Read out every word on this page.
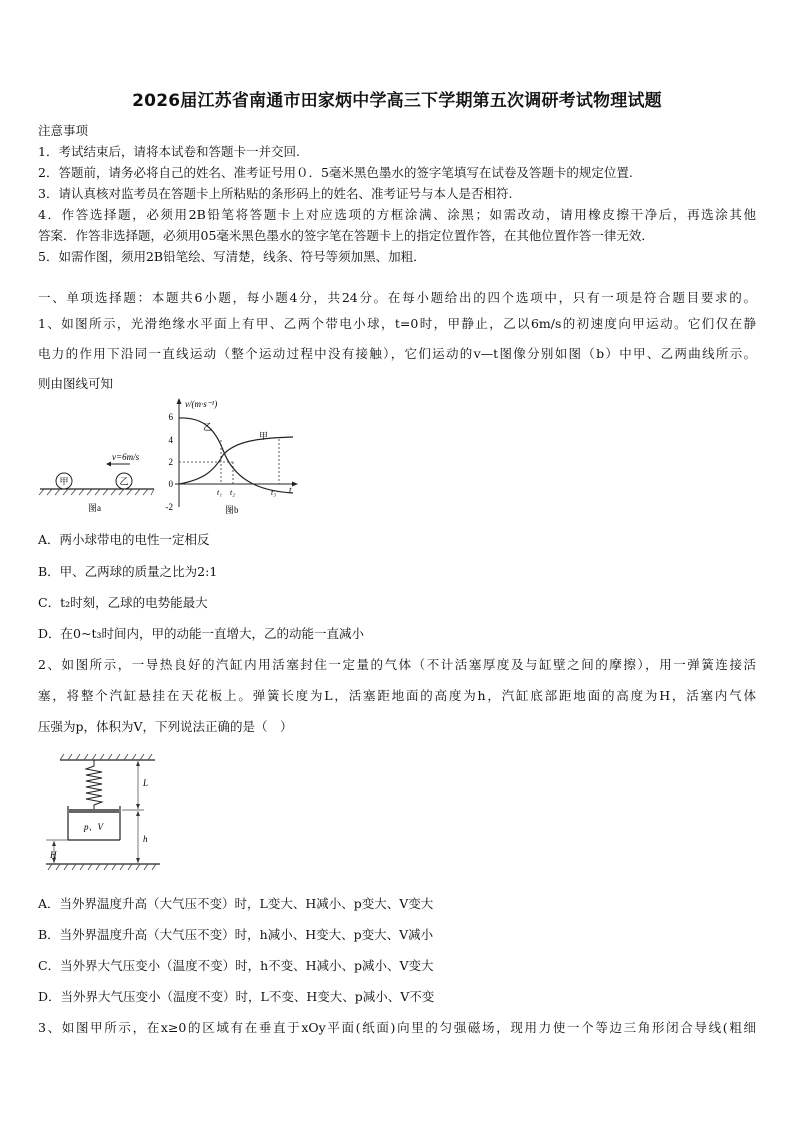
2026届江苏省南通市田家炳中学高三下学期第五次调研考试物理试题
注意事项
1．考试结束后，请将本试卷和答题卡一并交回.
2．答题前，请务必将自己的姓名、准考证号用０．5毫米黑色墨水的签字笔填写在试卷及答题卡的规定位置.
3．请认真核对监考员在答题卡上所粘贴的条形码上的姓名、准考证号与本人是否相符.
4．作答选择题，必须用2B铅笔将答题卡上对应选项的方框涂满、涂黑；如需改动，请用橡皮擦干净后，再选涂其他
答案．作答非选择题，必须用05毫米黑色墨水的签字笔在答题卡上的指定位置作答，在其他位置作答一律无效．
5．如需作图，须用2B铅笔绘、写清楚，线条、符号等须加黑、加粗．
一、单项选择题：本题共6小题，每小题4分，共24分。在每小题给出的四个选项中，只有一项是符合题目要求的。
1、如图所示，光滑绝缘水平面上有甲、乙两个带电小球，t=0时，甲静止，乙以6m/s的初速度向甲运动。它们仅在静
电力的作用下沿同一直线运动（整个运动过程中没有接触），它们运动的v—t图像分别如图（b）中甲、乙两曲线所示。
则由图线可知
甲	乙
v=6m/s
图a
v/(m·s⁻¹)
t
6
4
2
0
-2
乙
甲
t₁ t₂	t₃
图b
A．两小球带电的电性一定相反
B．甲、乙两球的质量之比为2:1
C．t₂时刻，乙球的电势能最大
D．在0~t₃时间内，甲的动能一直增大，乙的动能一直减小
2、如图所示，一导热良好的汽缸内用活塞封住一定量的气体（不计活塞厚度及与缸壁之间的摩擦），用一弹簧连接活
塞，将整个汽缸悬挂在天花板上。弹簧长度为L，活塞距地面的高度为h，汽缸底部距地面的高度为H，活塞内气体
压强为p，体积为V，下列说法正确的是（　）
p、V
L
h
H
A．当外界温度升高（大气压不变）时，L变大、H减小、p变大、V变大
B．当外界温度升高（大气压不变）时，h减小、H变大、p变大、V减小
C．当外界大气压变小（温度不变）时，h不变、H减小、p减小、V变大
D．当外界大气压变小（温度不变）时，L不变、H变大、p减小、V不变
3、如图甲所示，在x≥0的区域有在垂直于xOy平面(纸面)向里的匀强磁场，现用力使一个等边三角形闭合导线(粗细
